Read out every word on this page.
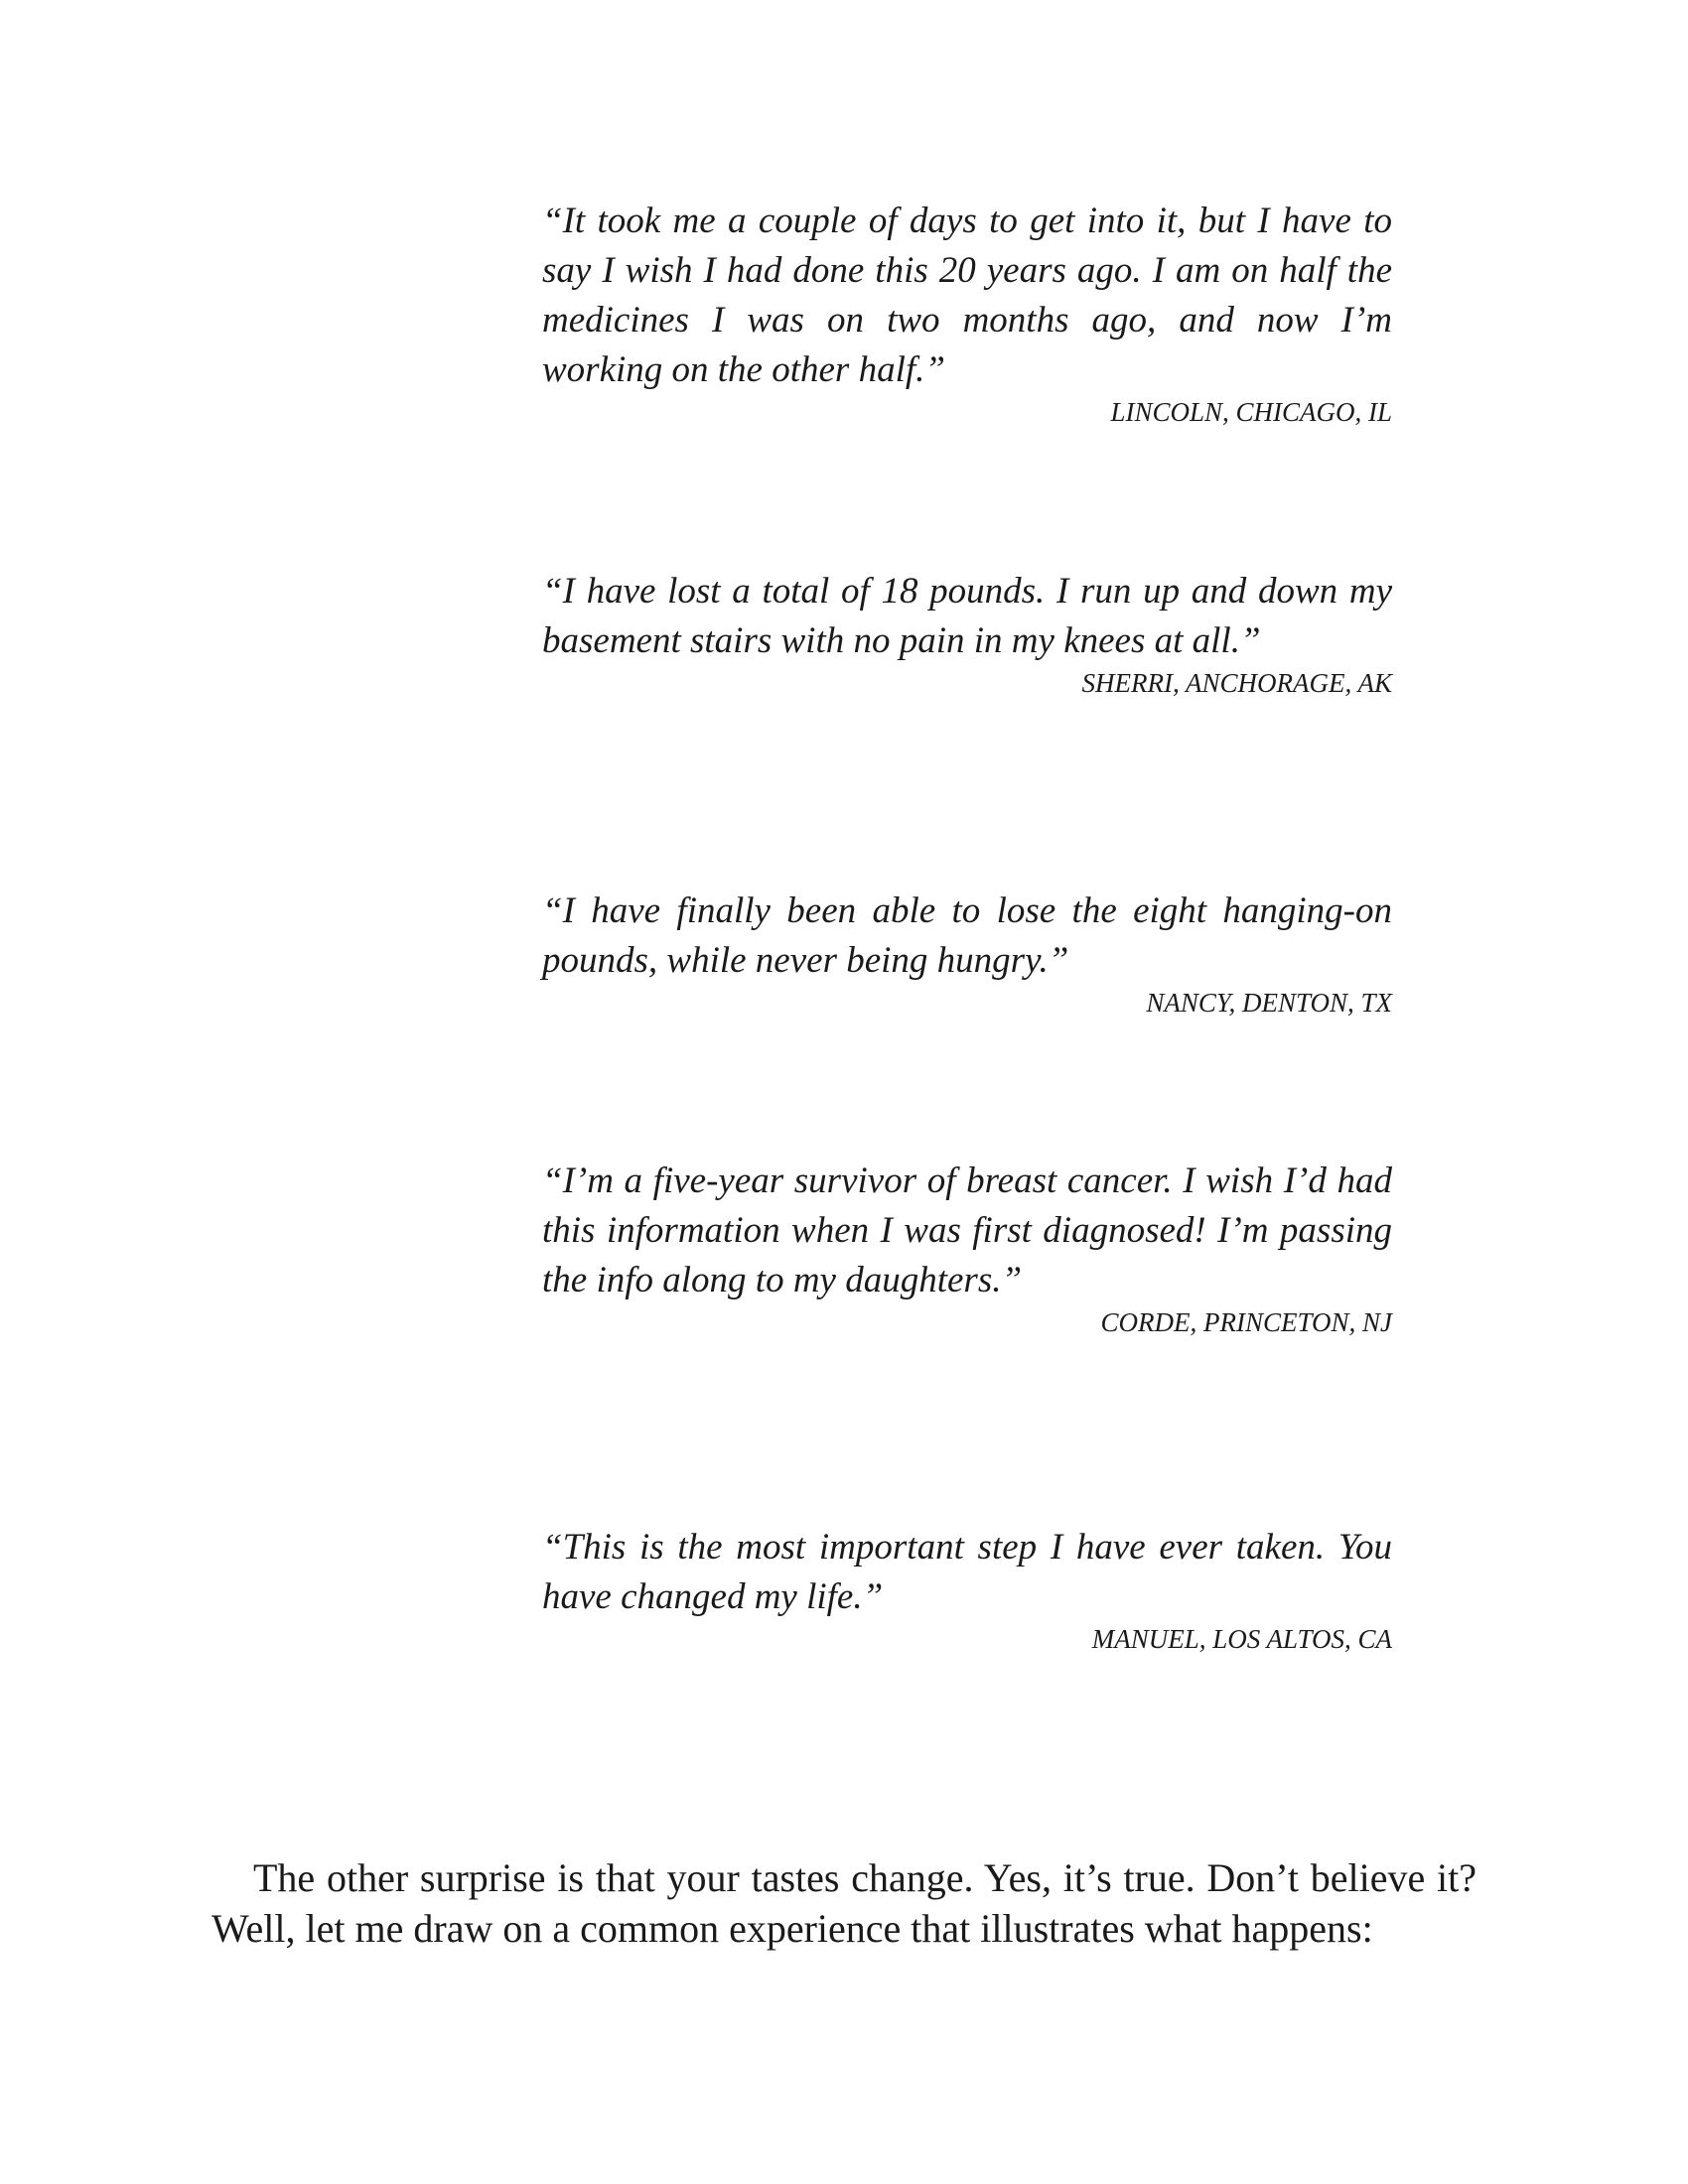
“It took me a couple of days to get into it, but I have to say I wish I had done this 20 years ago. I am on half the medicines I was on two months ago, and now I’m working on the other half.”

LINCOLN, CHICAGO, IL

“I have lost a total of 18 pounds. I run up and down my basement stairs with no pain in my knees at all.”

SHERRI, ANCHORAGE, AK

“I have finally been able to lose the eight hanging-on pounds, while never being hungry.”

NANCY, DENTON, TX

“I’m a five-year survivor of breast cancer. I wish I’d had this information when I was first diagnosed! I’m passing the info along to my daughters.”

CORDE, PRINCETON, NJ

“This is the most important step I have ever taken. You have changed my life.”

MANUEL, LOS ALTOS, CA

The other surprise is that your tastes change. Yes, it’s true. Don’t believe it? Well, let me draw on a common experience that illustrates what happens:
